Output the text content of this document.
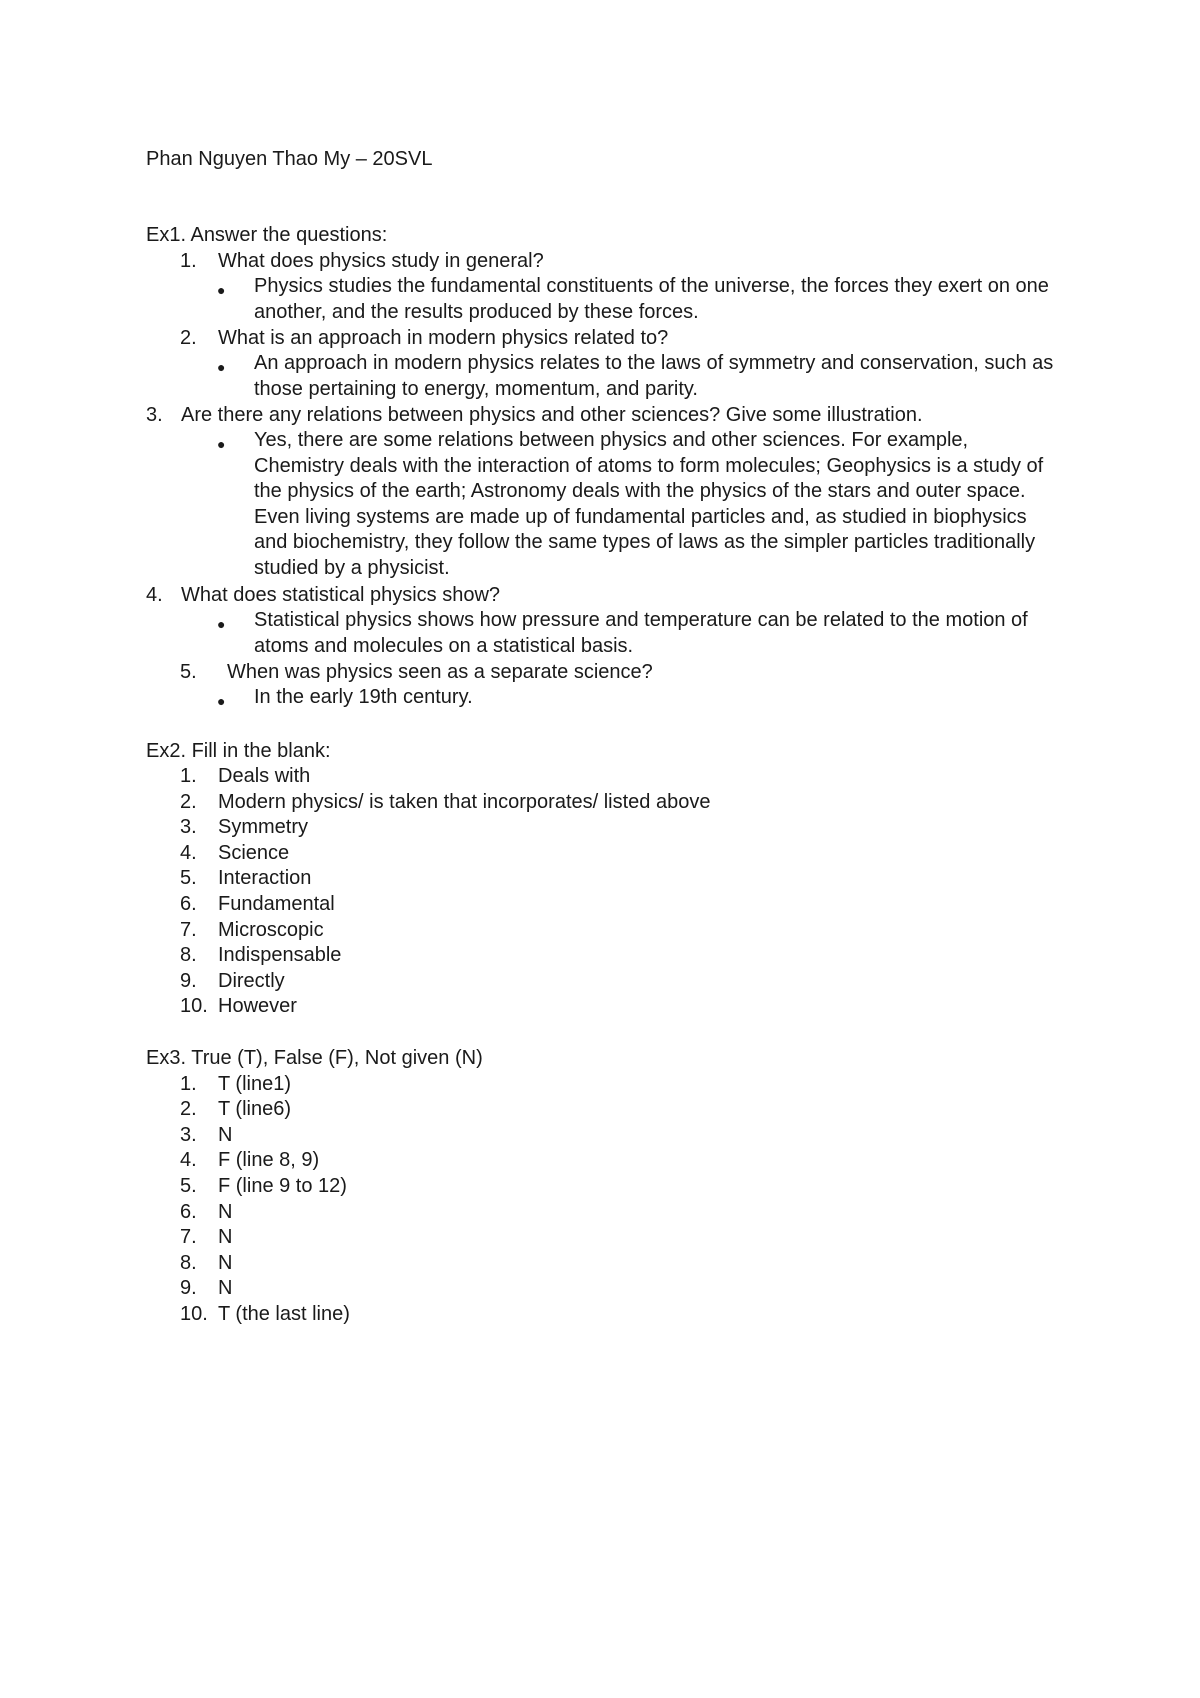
Phan Nguyen Thao My – 20SVL
Ex1. Answer the questions:
1.	What does physics study in general?
● Physics studies the fundamental constituents of the universe, the forces they exert on one another, and the results produced by these forces.
2.	What is an approach in modern physics related to?
● An approach in modern physics relates to the laws of symmetry and conservation, such as those pertaining to energy, momentum, and parity.
3. Are there any relations between physics and other sciences? Give some illustration.
● Yes, there are some relations between physics and other sciences. For example, Chemistry deals with the interaction of atoms to form molecules; Geophysics is a study of the physics of the earth; Astronomy deals with the physics of the stars and outer space. Even living systems are made up of fundamental particles and, as studied in biophysics and biochemistry, they follow the same types of laws as the simpler particles traditionally studied by a physicist.
4. What does statistical physics show?
● Statistical physics shows how pressure and temperature can be related to the motion of atoms and molecules on a statistical basis.
5.	When was physics seen as a separate science?
● In the early 19th century.
Ex2. Fill in the blank:
1.	Deals with
2.	Modern physics/ is taken that incorporates/ listed above
3.	Symmetry
4.	Science
5.	Interaction
6.	Fundamental
7.	Microscopic
8.	Indispensable
9.	Directly
10. However
Ex3. True (T), False (F), Not given (N)
1.	T (line1)
2.	T (line6)
3.	N
4.	F (line 8, 9)
5.	F (line 9 to 12)
6.	N
7.	N
8.	N
9.	N
10. T (the last line)
